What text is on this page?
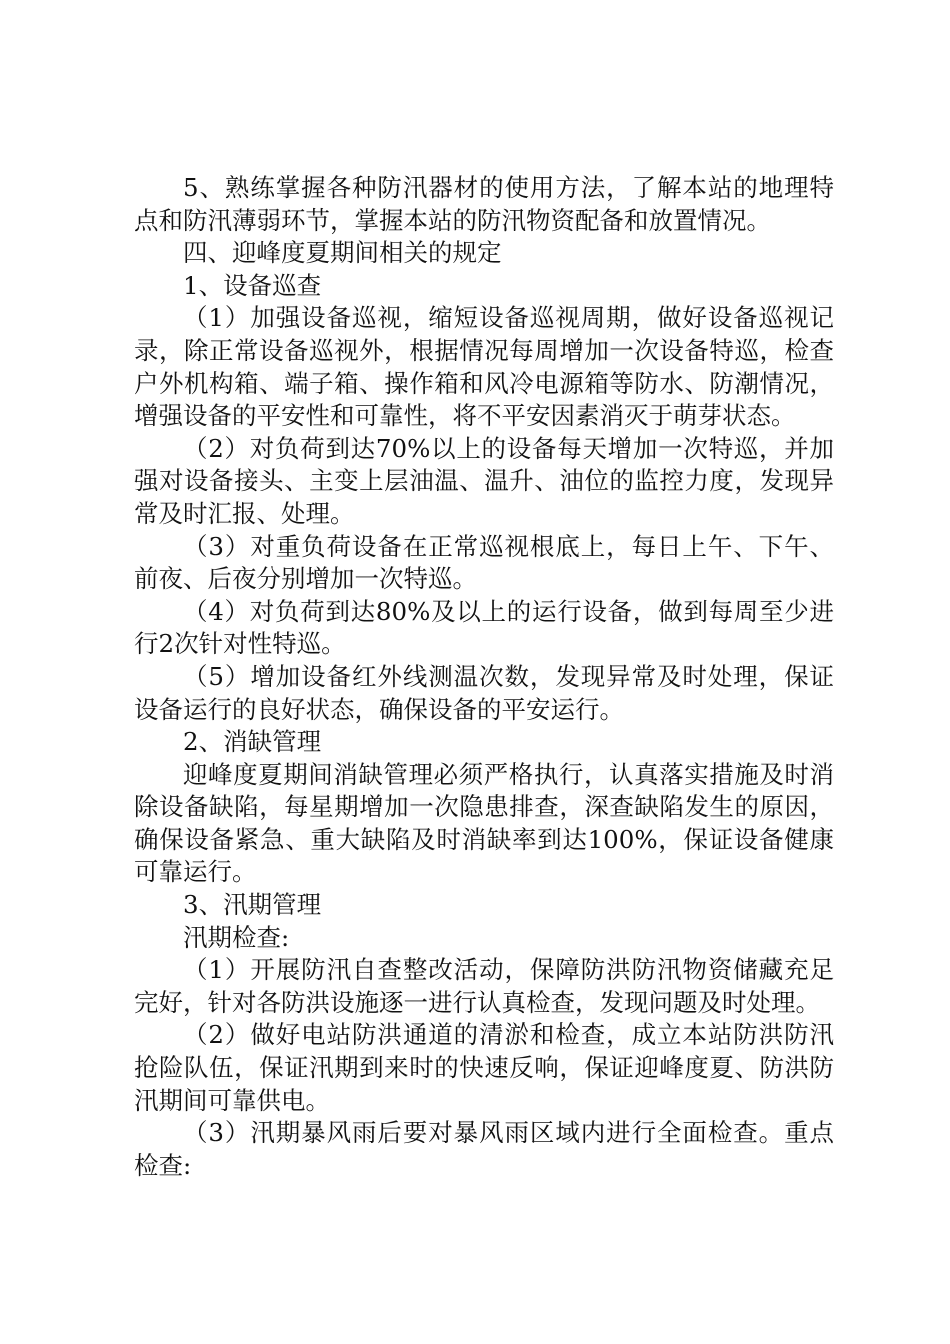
5、熟练掌握各种防汛器材的使用方法，了解本站的地理特点和防汛薄弱环节，掌握本站的防汛物资配备和放置情况。

四、迎峰度夏期间相关的规定

1、设备巡查

（1）加强设备巡视，缩短设备巡视周期，做好设备巡视记录，除正常设备巡视外，根据情况每周增加一次设备特巡，检查户外机构箱、端子箱、操作箱和风冷电源箱等防水、防潮情况，增强设备的平安性和可靠性，将不平安因素消灭于萌芽状态。

（2）对负荷到达70%以上的设备每天增加一次特巡，并加强对设备接头、主变上层油温、温升、油位的监控力度，发现异常及时汇报、处理。

（3）对重负荷设备在正常巡视根底上，每日上午、下午、前夜、后夜分别增加一次特巡。

（4）对负荷到达80%及以上的运行设备，做到每周至少进行2次针对性特巡。

（5）增加设备红外线测温次数，发现异常及时处理，保证设备运行的良好状态，确保设备的平安运行。

2、消缺管理

迎峰度夏期间消缺管理必须严格执行，认真落实措施及时消除设备缺陷，每星期增加一次隐患排查，深查缺陷发生的原因，确保设备紧急、重大缺陷及时消缺率到达100%，保证设备健康可靠运行。

3、汛期管理

汛期检查:

（1）开展防汛自查整改活动，保障防洪防汛物资储藏充足完好，针对各防洪设施逐一进行认真检查，发现问题及时处理。

（2）做好电站防洪通道的清淤和检查，成立本站防洪防汛抢险队伍，保证汛期到来时的快速反响，保证迎峰度夏、防洪防汛期间可靠供电。

（3）汛期暴风雨后要对暴风雨区域内进行全面检查。重点检查:
